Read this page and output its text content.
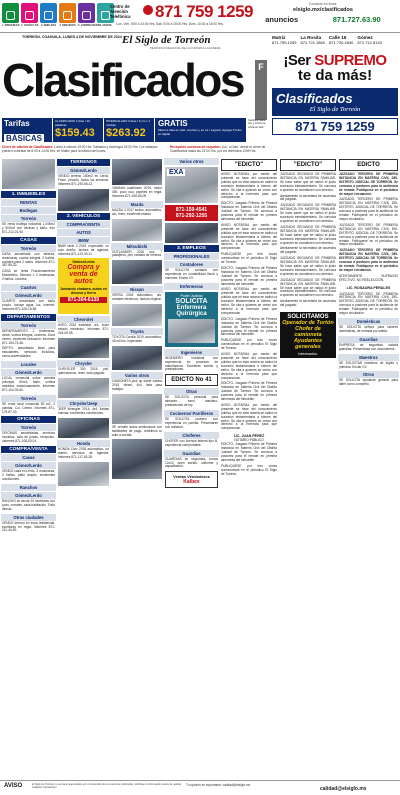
1. INMUEBLES 2. VEHÍCULOS	3. EMPLEOS	4. SERVICIOS 5. COMPRA/VENTA
6. VARIOS
Centro de Atención Telefónica	871 759 1259
Lun. Vier. 9:00 a 20:00 Hrs. Sáb. 9:00 a 15:00 Hrs. Dom. 10:00 a 15:00 Hrs.
Contacto en línea:
elsiglo.mx/clasificados
anuncios	871.727.63.90
TORREÓN, COAHUILA, LUNES 4 DE NOVIEMBRE DE 2024 El Siglo de Torreón
PERIÓDICO REGIONAL DE LA COMARCA LAGUNERA
Matriz
871.759.1259
La Rosita
871.721.1860
Calle 15
871.720.2630
Gómez
871.712.8133
Clasificados	F	¡Ser SUPREMO
te da más!
Clasificados
El Siglo de Torreón
871 759 1259
Tarifas
BÁSICAS
CLASIFICADO 4 días / 10 palabras
$159.43
INTERCALADO 3 días / 6 cm x 1 módulo
$263.92
GRATIS
Mismos días en web, impreso y en La i Laguna. Agrega 5 fotos en digital
Cambios hasta hoy y mismo la venta en web
Cierre de edición de Clasificados: Lunes a viernes 19:00 Hrs. Sábados y domingos 15:00 Hrs. Los sábados pueden contratar de 8:00 a 14:00 Hrs. en Matriz para la edición del lunes.
Recepción nocturna de esquelas: Lun. a Dom. desde el cierre de Clasificados hasta las 22:00 Hrs. por vía telefónica 1259 Hrs.
1. INMUEBLES
RENTAS
Bodegas
Torreón

SE renta bodega industrial 1,045m2 y 500m2 con oficinas y baño. Info 871-212-01-90.

CASAS
Torreón

CASA amueblada con alberca, recámaras, cocina integral, 2 baños, cochera para 2 autos. Informes 871-367-85-32.

CASA se renta Fraccionamiento Montebello, Mónaco 1 3 recámaras, 2 baños, cochera.

Cuartos
Gómez/Lerdo

CUARTO amueblado con baño propio. Incluye agua, luz, internet. Informes 871-106-16-98.

DEPARTAMENTOS
Torreón

DEPARTAMENTO 2 recámaras, clima, cocina integral, cochera. Zona centro, excelente ubicación. Informes 871-154-73-48.

DEPTO. amueblado ideal para estudiantes, servicios incluidos, cerca universidades.

Locales
Gómez/Lerdo

LOCAL comercial sobre avenida principal, 60m2, baño, cortina metálica, estacionamiento. Informes 871-104-03-60.

Torreón

SE renta local comercial 80 m2, 2 plantas, Col. Centro. Informes 871-175-87-00.

OFICINAS
Torreón

OFICINAS amuebladas, servicios incluidos, sala de juntas, recepción. Informes 871-108-00-01.

COMPRA/VENTA
Casas
Gómez/Lerdo

VENDO casa en Lerdo, 3 recámaras, 2 baños, patio amplio, excelentes condiciones.

Ranchos
Gómez/Lerdo

RANCHO se vende 20 hectáreas con pozo, corrales, casa habitación. Trato directo.

Otras ciudades

VENDO terreno en zona residencial, escrituras en regla. Informes 871-211-44-90.

TERRENOS
Gómez/Lerdo

VENDO terreno 160m2 en Lerdo, Fracc. privado, todos los servicios. Informes 871-190-66-12.

2. VEHÍCULOS
COMPRA/VENTA
AUTOS
BMW

BMW serie 3 2019, impecable, un solo dueño, factura de agencia. Informes 871-122-30-11.

Gómez/Lerdo
Compra y venta de autos
Juntando chatarra, autos en desuso y fierro
871-304-6139
Chevrolet

AVEO 2016 estándar, a/c, buen estado mecánico. Informes 871-244-09-65.

Chrysler

CHRYSLER 300 2015, piel, quemacocos, rines, todo pagado.

Chrysler/Jeep

JEEP Wrangler 2014, 4x4, llantas nuevas, excelentes condiciones.

Honda

HONDA Civic 2018 automático, un dueño, servicios de agencia. Informes 871-117-45-28.

YAMAHA cuatrimoto 2019, motor 450, poco uso, papeles en regla. Informes 871-326-80-09.

Mazda

MAZDA 3 2017 sedán, automático, a/c, rines, excelente estado.

Mitsubishi

OUTLANDER 2016 suv, 7 pasajeros, piel, cámara de reversa.

Nissan

VERSA 2018 automático, a/c, cristales eléctricos, factura original.

Toyota

TOYOTA Corolla 2019, automático, 45 mil km, impecable.

Varios otros

CAMIONETA pick up doble cabina 2015, diésel, 4x4, lista para trabajar.

SE venden autos seminuevos con facilidades de pago, recibimos tu auto a cuenta.

Varios otros
EXA
871-159-4541
871-292-1255
3. EMPLEOS
PROFESIONALES
Contadores

SE SOLICITA contador con experiencia en contabilidad fiscal y nóminas. Enviar CV.

Enfermeras
Poder Judicial
SOLICITA
Enfermera Quirúrgica
Ingenieros

INGENIERO industrial con experiencia en procesos de manufactura. Excelente sueldo y prestaciones.

EDICTO No 41
Otras

SE SOLICITA personal para almacén, turno matutino, prestaciones de ley.

Cocineros/ Parrilleros

SE SOLICITA cocinero con experiencia en parrilla. Presentarse con solicitud.

Choferes

CHOFER con licencia federal tipo B, experiencia comprobable.

Guardias

GUARDIAS de seguridad, turnos 12x12, buen sueldo, uniforme y capacitación.

Ventas Vendedores
Kaibex
"EDICTO"

AVISO NOTARIAL por medio del presente se hace del conocimiento público que en esta notaría se radicó la sucesión testamentaria a bienes del señor. Se cita a quienes se crean con derecho a la herencia para que comparezcan.

EDICTO. Juzgado Primero de Primera Instancia en Materia Civil del Distrito Judicial de Torreón. Se convoca a postores para el remate en primera almoneda del inmueble.

AVISO NOTARIAL por medio del presente se hace del conocimiento público que en esta notaría se radicó la sucesión testamentaria a bienes del señor. Se cita a quienes se crean con derecho a la herencia para que comparezcan.

PUBLÍQUESE por tres veces consecutivas en el periódico El Siglo de Torreón.

EDICTO. Juzgado Primero de Primera Instancia en Materia Civil del Distrito Judicial de Torreón. Se convoca a postores para el remate en primera almoneda del inmueble.

AVISO NOTARIAL por medio del presente se hace del conocimiento público que en esta notaría se radicó la sucesión testamentaria a bienes del señor. Se cita a quienes se crean con derecho a la herencia para que comparezcan.

EDICTO. Juzgado Primero de Primera Instancia en Materia Civil del Distrito Judicial de Torreón. Se convoca a postores para el remate en primera almoneda del inmueble.

PUBLÍQUESE por tres veces consecutivas en el periódico El Siglo de Torreón.

AVISO NOTARIAL por medio del presente se hace del conocimiento público que en esta notaría se radicó la sucesión testamentaria a bienes del señor. Se cita a quienes se crean con derecho a la herencia para que comparezcan.

EDICTO. Juzgado Primero de Primera Instancia en Materia Civil del Distrito Judicial de Torreón. Se convoca a postores para el remate en primera almoneda del inmueble.

AVISO NOTARIAL por medio del presente se hace del conocimiento público que en esta notaría se radicó la sucesión testamentaria a bienes del señor. Se cita a quienes se crean con derecho a la herencia para que comparezcan.

LIC. JUAN PÉREZ
NOTARIO PÚBLICO

EDICTO. Juzgado Primero de Primera Instancia en Materia Civil del Distrito Judicial de Torreón. Se convoca a postores para el remate en primera almoneda del inmueble.

PUBLÍQUESE por tres veces consecutivas en el periódico El Siglo de Torreón.

"EDICTO"

JUZGADO SEGUNDO DE PRIMERA INSTANCIA EN MATERIA FAMILIAR. Se hace saber que se radicó el juicio sucesorio intestamentario. Se convoca a quienes se consideren con derecho.

Atentamente la secretaria de acuerdos del juzgado.

JUZGADO SEGUNDO DE PRIMERA INSTANCIA EN MATERIA FAMILIAR. Se hace saber que se radicó el juicio sucesorio intestamentario. Se convoca a quienes se consideren con derecho.

JUZGADO SEGUNDO DE PRIMERA INSTANCIA EN MATERIA FAMILIAR. Se hace saber que se radicó el juicio sucesorio intestamentario. Se convoca a quienes se consideren con derecho.

Atentamente la secretaria de acuerdos del juzgado.

JUZGADO SEGUNDO DE PRIMERA INSTANCIA EN MATERIA FAMILIAR. Se hace saber que se radicó el juicio sucesorio intestamentario. Se convoca a quienes se consideren con derecho.

JUZGADO SEGUNDO DE PRIMERA INSTANCIA EN MATERIA FAMILIAR. Se hace saber que se radicó el juicio sucesorio intestamentario. Se convoca a quienes se consideren con derecho.

Atentamente la secretaria de acuerdos del juzgado.

SOLICITAMOS
Operador de Tortón
Chofer de camioneta
Ayudantes generales
Interesados:
EDICTO

JUZGADO TERCERO DE PRIMERA INSTANCIA EN MATERIA CIVIL DEL DISTRITO JUDICIAL DE TORREÓN. Se convoca a postores para la audiencia de remate. Publíquese en el periódico de mayor circulación.

JUZGADO TERCERO DE PRIMERA INSTANCIA EN MATERIA CIVIL DEL DISTRITO JUDICIAL DE TORREÓN. Se convoca a postores para la audiencia de remate. Publíquese en el periódico de mayor circulación.

JUZGADO TERCERO DE PRIMERA INSTANCIA EN MATERIA CIVIL DEL DISTRITO JUDICIAL DE TORREÓN. Se convoca a postores para la audiencia de remate. Publíquese en el periódico de mayor circulación.

JUZGADO TERCERO DE PRIMERA INSTANCIA EN MATERIA CIVIL DEL DISTRITO JUDICIAL DE TORREÓN. Se convoca a postores para la audiencia de remate. Publíquese en el periódico de mayor circulación.

ATENTAMENTE. SUFRAGIO EFECTIVO. NO REELECCIÓN.

LIC. ROSAURA PERALES

JUZGADO TERCERO DE PRIMERA INSTANCIA EN MATERIA CIVIL DEL DISTRITO JUDICIAL DE TORREÓN. Se convoca a postores para la audiencia de remate. Publíquese en el periódico de mayor circulación.

Domésticas

SE SOLICITA señora para labores domésticas, de entrada por salida.

Guardias

EMPRESA de seguridad solicita guardias. Presentarse con documentos.

Maestros

SE SOLICITAN maestros de inglés y primaria. Enviar CV.

Otros

SE SOLICITA ayudante general para taller, turno completo.

AVISO	El Siglo de Torreón no se hace responsable por el contenido de los anuncios publicados. Verifique la información antes de realizar cualquier transacción.
Tu opinión es importante: calidad@elsiglo.mx
calidad@elsiglo.mx
